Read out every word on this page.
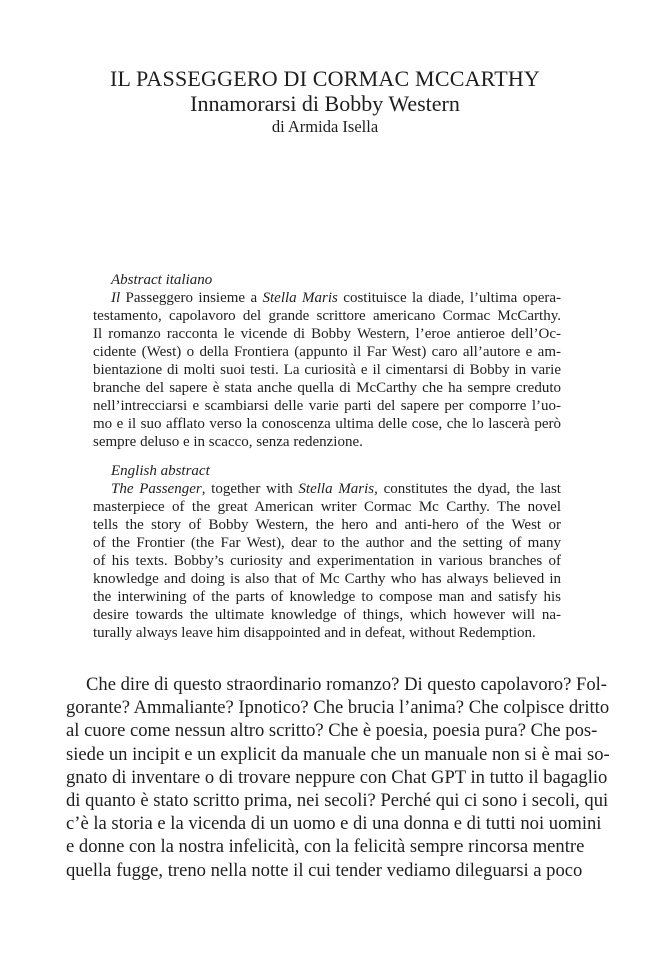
IL PASSEGGERO DI CORMAC MCCARTHY
Innamorarsi di Bobby Western
di Armida Isella
Abstract italiano
Il Passeggero insieme a Stella Maris costituisce la diade, l’ultima opera-
testamento, capolavoro del grande scrittore americano Cormac McCarthy.
Il romanzo racconta le vicende di Bobby Western, l’eroe antieroe dell’Oc-
cidente (West) o della Frontiera (appunto il Far West) caro all’autore e am-
bientazione di molti suoi testi. La curiosità e il cimentarsi di Bobby in varie
branche del sapere è stata anche quella di McCarthy che ha sempre creduto
nell’intrecciarsi e scambiarsi delle varie parti del sapere per comporre l’uo-
mo e il suo afflato verso la conoscenza ultima delle cose, che lo lascerà però
sempre deluso e in scacco, senza redenzione.
English abstract
The Passenger, together with Stella Maris, constitutes the dyad, the last
masterpiece of the great American writer Cormac Mc Carthy. The novel
tells the story of Bobby Western, the hero and anti-hero of the West or
of the Frontier (the Far West), dear to the author and the setting of many
of his texts. Bobby’s curiosity and experimentation in various branches of
knowledge and doing is also that of Mc Carthy who has always believed in
the interwining of the parts of knowledge to compose man and satisfy his
desire towards the ultimate knowledge of things, which however will na-
turally always leave him disappointed and in defeat, without Redemption.
Che dire di questo straordinario romanzo? Di questo capolavoro? Fol-
gorante? Ammaliante? Ipnotico? Che brucia l’anima? Che colpisce dritto
al cuore come nessun altro scritto? Che è poesia, poesia pura? Che pos-
siede un incipit e un explicit da manuale che un manuale non si è mai so-
gnato di inventare o di trovare neppure con Chat GPT in tutto il bagaglio
di quanto è stato scritto prima, nei secoli? Perché qui ci sono i secoli, qui
c’è la storia e la vicenda di un uomo e di una donna e di tutti noi uomini
e donne con la nostra infelicità, con la felicità sempre rincorsa mentre
quella fugge, treno nella notte il cui tender vediamo dileguarsi a poco
